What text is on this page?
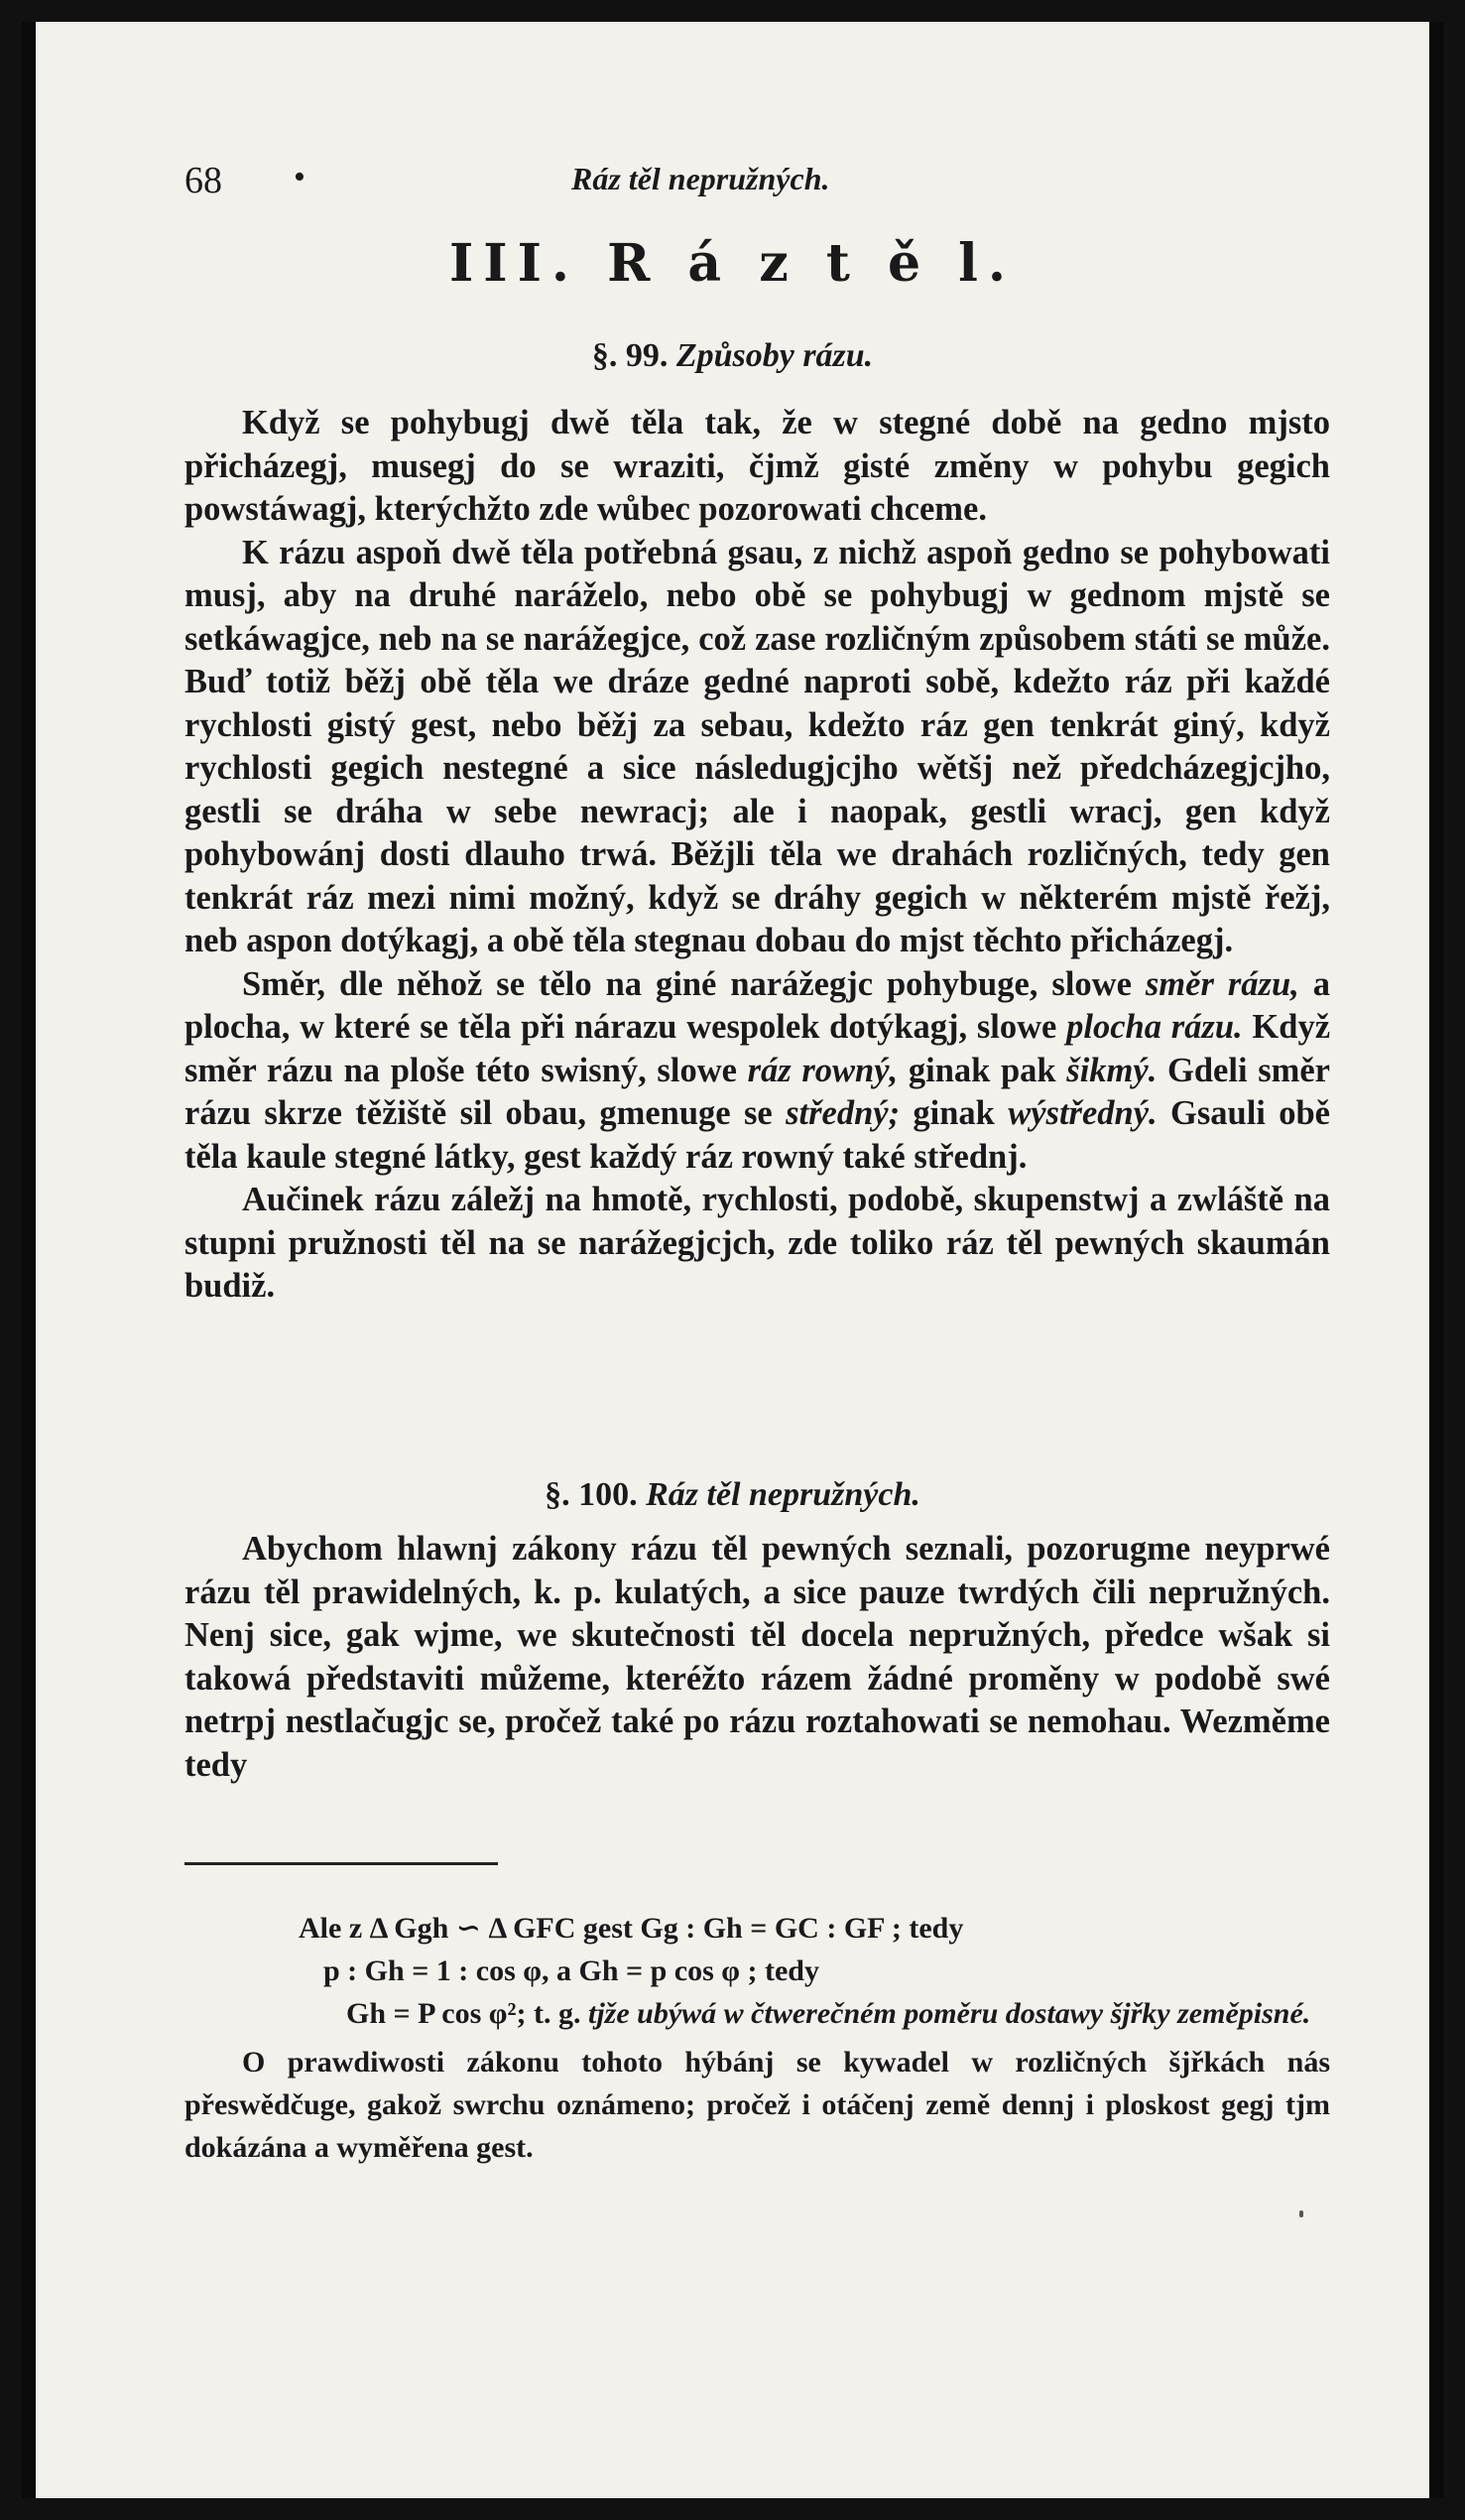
68 •	Ráz těl nepružných.
III. R á z t ě l.
§. 99. Způsoby rázu.

Když se pohybugj dwě těla tak, že w stegné době na gedno mjsto přicházegj, musegj do se wraziti, čjmž gisté změny w pohybu gegich powstáwagj, kterýchžto zde wůbec pozorowati chceme.

K rázu aspoň dwě těla potřebná gsau, z nichž aspoň gedno se pohybowati musj, aby na druhé naráželo, nebo obě se pohybugj w gednom mjstě se setkáwagjce, neb na se narážegjce, což zase rozličným způsobem státi se může. Buď totiž běžj obě těla we dráze gedné naproti sobě, kdežto ráz při každé rychlosti gistý gest, nebo běžj za sebau, kdežto ráz gen tenkrát giný, když rychlosti gegich nestegné a sice následugjcjho wětšj než předcházegjcjho, gestli se dráha w sebe newracj; ale i naopak, gestli wracj, gen když pohybowánj dosti dlauho trwá. Běžjli těla we drahách rozličných, tedy gen tenkrát ráz mezi nimi možný, když se dráhy gegich w některém mjstě řežj, neb aspon dotýkagj, a obě těla stegnau dobau do mjst těchto přicházegj.

Směr, dle něhož se tělo na giné narážegjc pohybuge, slowe směr rázu, a plocha, w které se těla při nárazu wespolek dotýkagj, slowe plocha rázu. Když směr rázu na ploše této swisný, slowe ráz rowný, ginak pak šikmý. Gdeli směr rázu skrze těžiště sil obau, gmenuge se středný; ginak wýstředný. Gsauli obě těla kaule stegné látky, gest každý ráz rowný také střednj.

Aučinek rázu záležj na hmotě, rychlosti, podobě, skupenstwj a zwláště na stupni pružnosti těl na se narážegjcjch, zde toliko ráz těl pewných skaumán budiž.

§. 100. Ráz těl nepružných.

Abychom hlawnj zákony rázu těl pewných seznali, pozorugme neyprwé rázu těl prawidelných, k. p. kulatých, a sice pauze twrdých čili nepružných. Nenj sice, gak wjme, we skutečnosti těl docela nepružných, předce wšak si takowá představiti můžeme, kteréžto rázem žádné proměny w podobě swé netrpj nestlačugjc se, pročež také po rázu roztahowati se nemohau. Wezměme tedy

Ale z Δ Ggh ∽ Δ GFC gest Gg : Gh = GC : GF ; tedy

p : Gh = 1 : cos φ, a Gh = p cos φ ; tedy

Gh = P cos φ²; t. g. tjže ubýwá w čtwerečném poměru dostawy šjřky zeměpisné.

O prawdiwosti zákonu tohoto hýbánj se kywadel w rozličných šjřkách nás přeswědčuge, gakož swrchu oznámeno; pročež i otáčenj země dennj i ploskost gegj tjm dokázána a wyměřena gest.
